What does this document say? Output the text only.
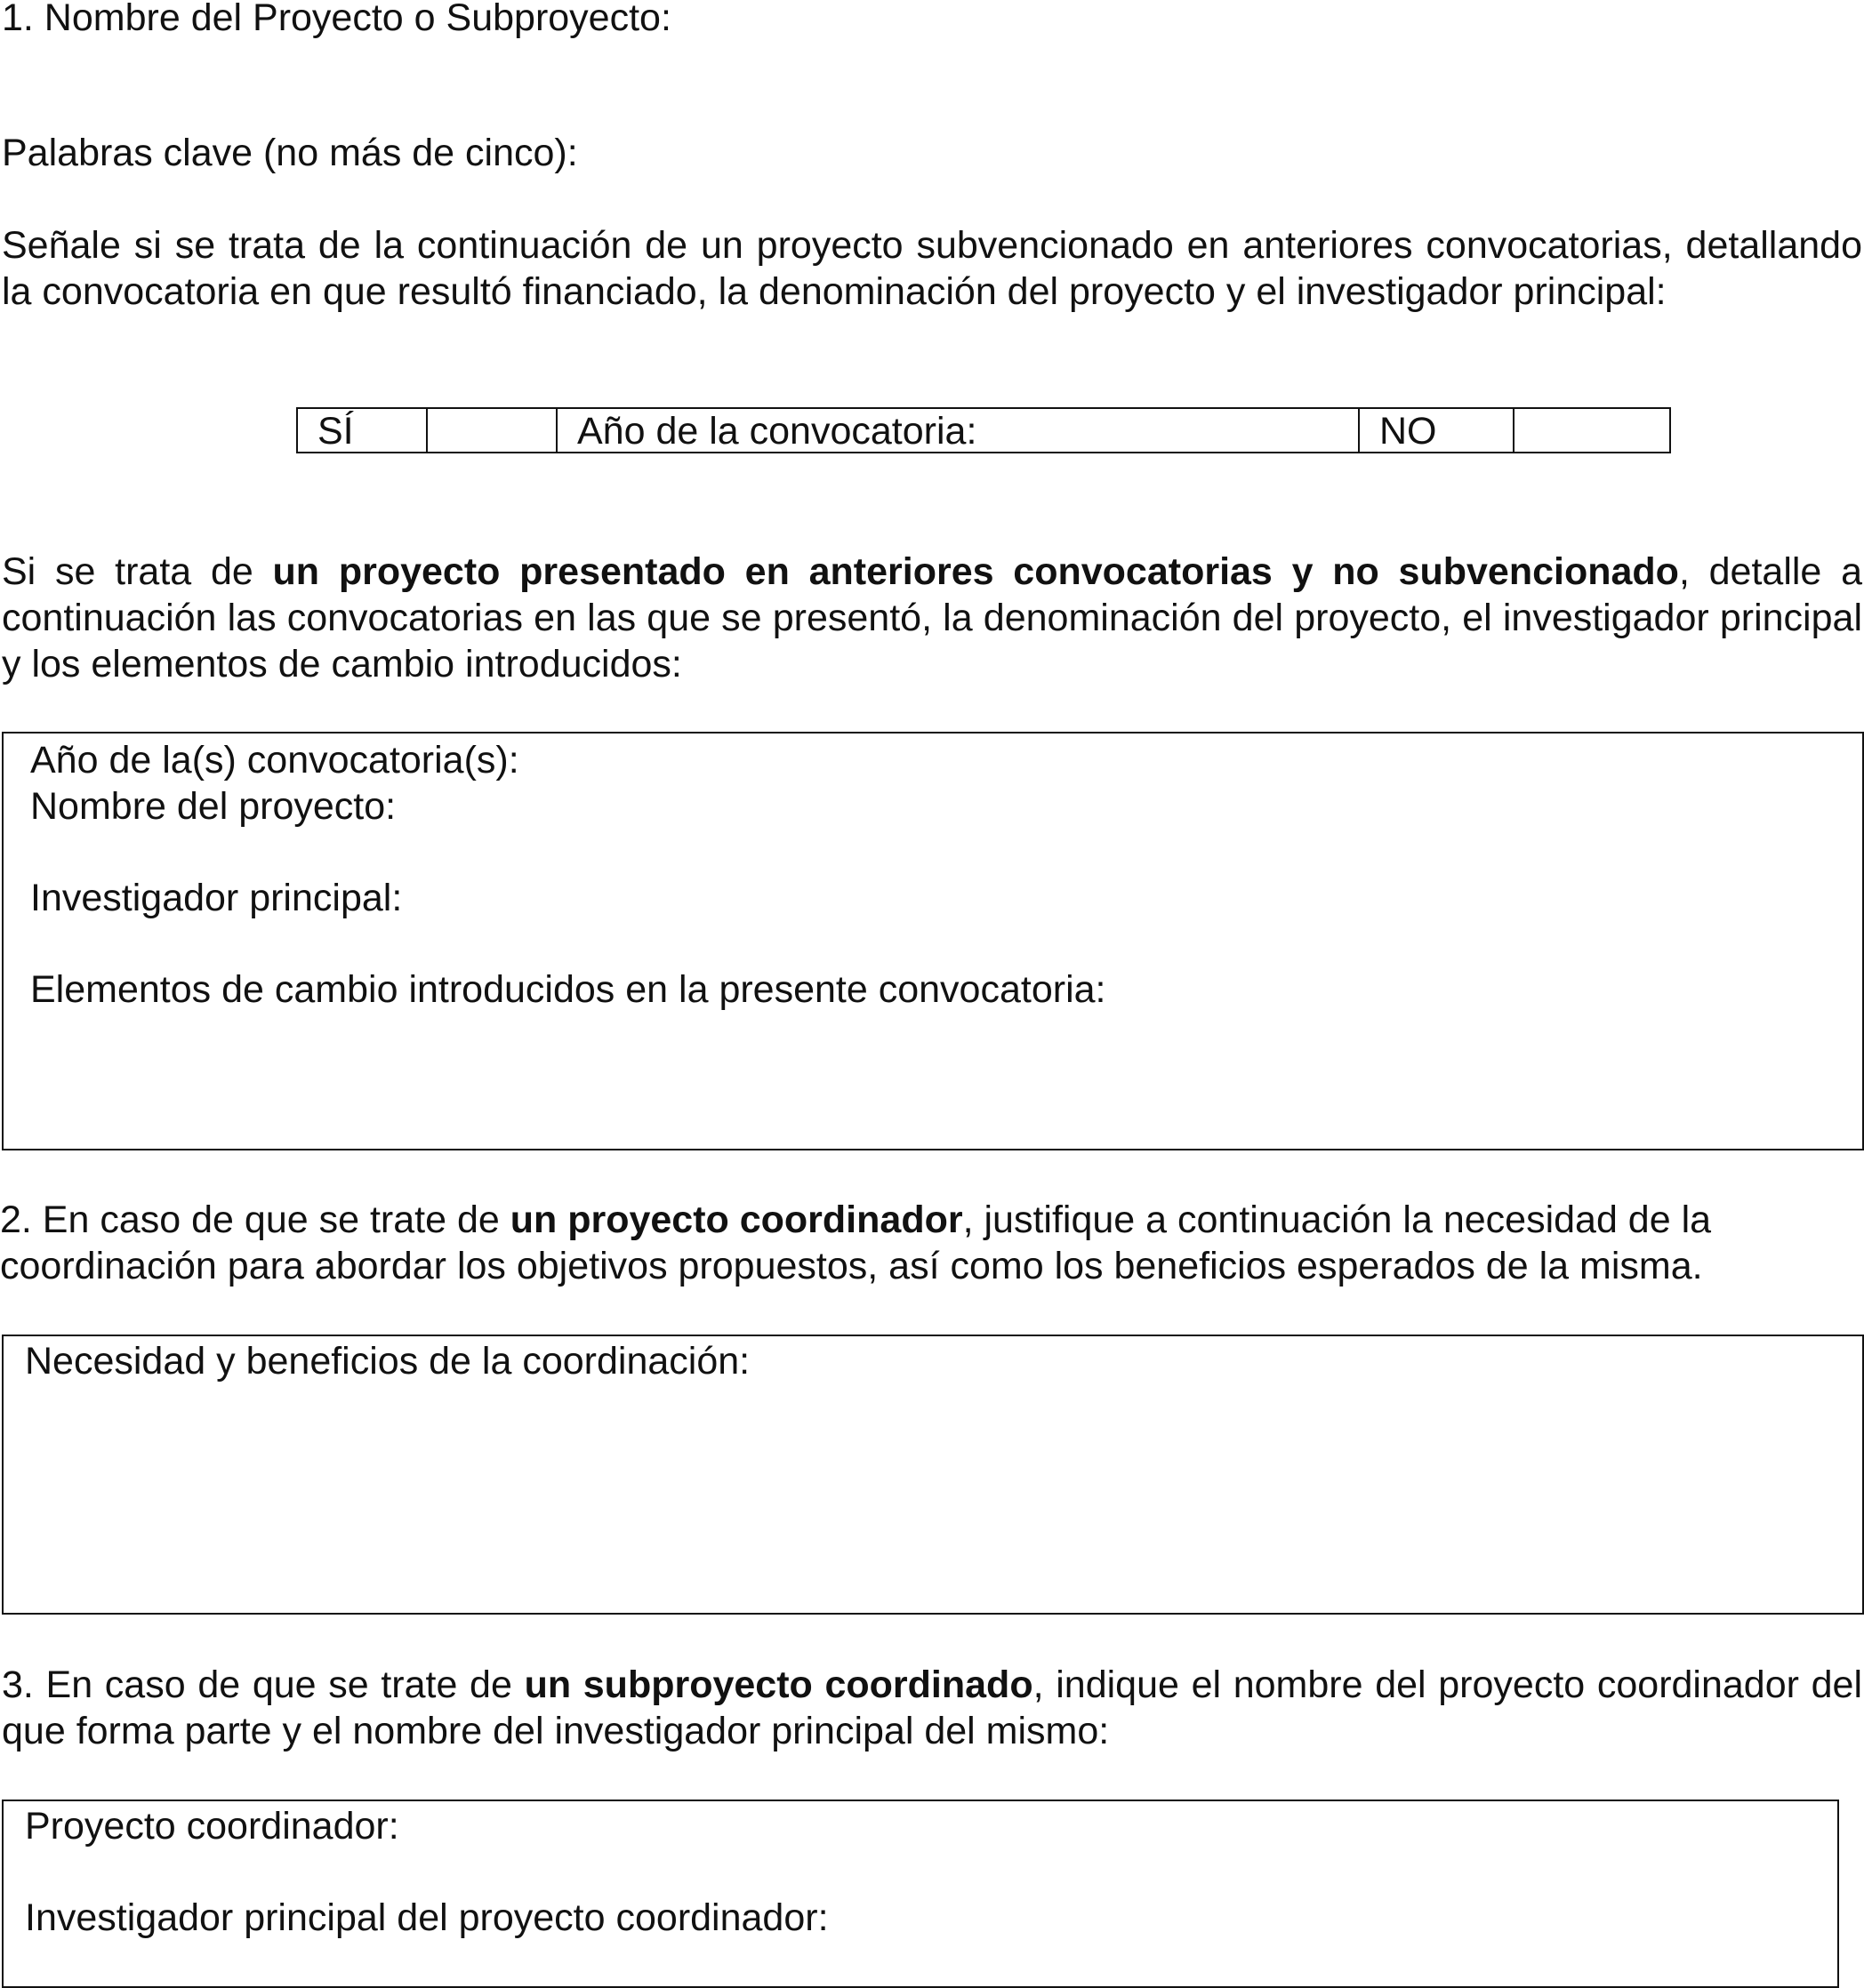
1. Nombre del Proyecto o Subproyecto:
Palabras clave (no más de cinco):
Señale si se trata de la continuación de un proyecto subvencionado en anteriores convocatorias, detallando la convocatoria en que resultó financiado, la denominación del proyecto y el investigador principal:
SÍ	Año de la convocatoria:	NO
Si se trata de un proyecto presentado en anteriores convocatorias y no subvencionado, detalle a continuación las convocatorias en las que se presentó, la denominación del proyecto, el investigador principal y los elementos de cambio introducidos:
Año de la(s) convocatoria(s):
Nombre del proyecto:
Investigador principal:
Elementos de cambio introducidos en la presente convocatoria:
2. En caso de que se trate de un proyecto coordinador, justifique a continuación la necesidad de la coordinación para abordar los objetivos propuestos, así como los beneficios esperados de la misma.
Necesidad y beneficios de la coordinación:
3. En caso de que se trate de un subproyecto coordinado, indique el nombre del proyecto coordinador del que forma parte y el nombre del investigador principal del mismo:
Proyecto coordinador:
Investigador principal del proyecto coordinador:
